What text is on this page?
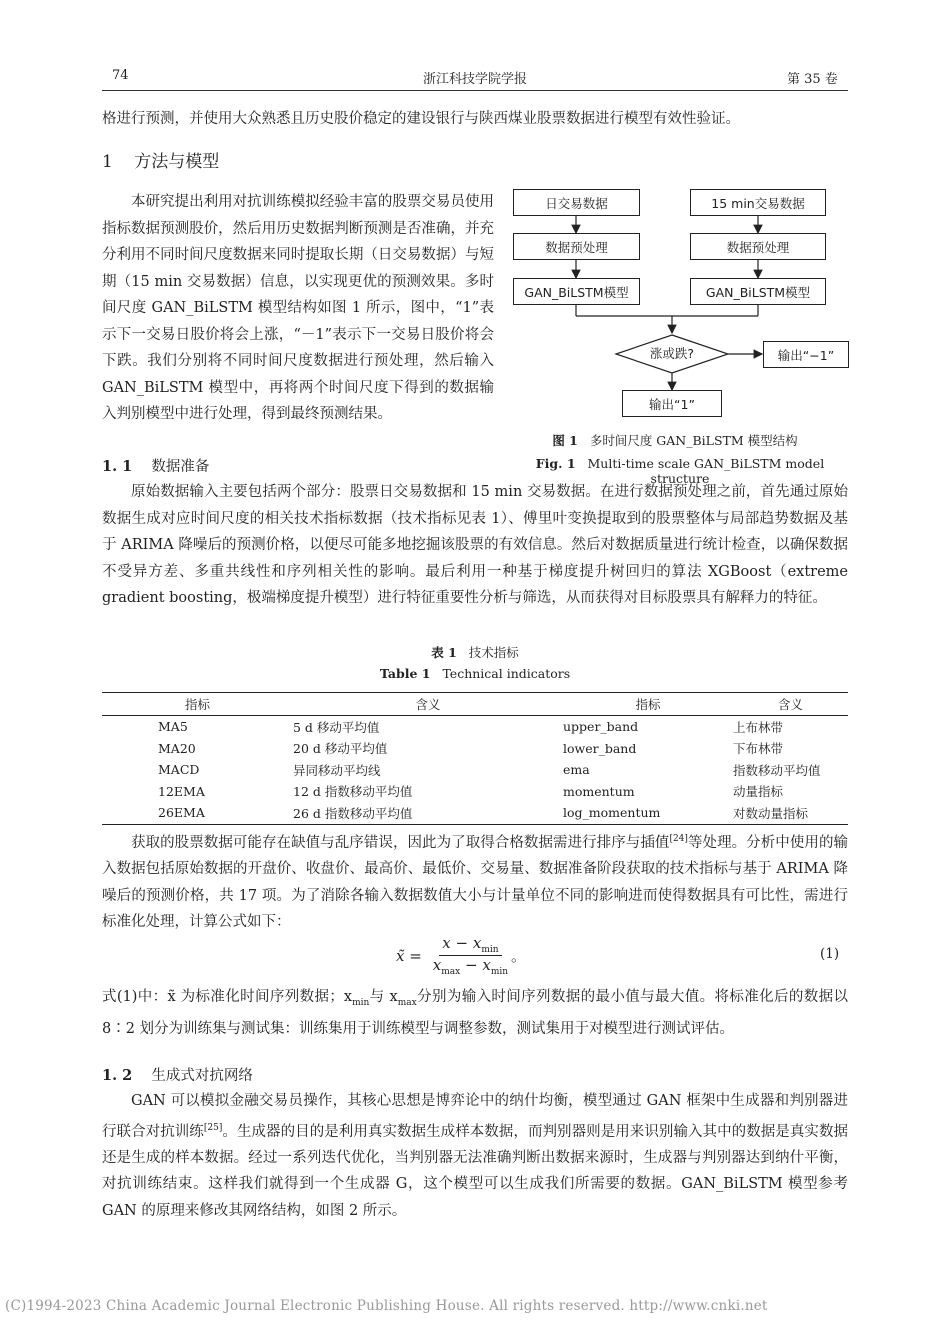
74	浙江科技学院学报	第 35 卷

格进行预测，并使用大众熟悉且历史股价稳定的建设银行与陕西煤业股票数据进行模型有效性验证。

1 方法与模型

本研究提出利用对抗训练模拟经验丰富的股票交易员使用指标数据预测股价，然后用历史数据判断预测是否准确，并充分利用不同时间尺度数据来同时提取长期（日交易数据）与短期（15 min 交易数据）信息，以实现更优的预测效果。多时间尺度 GAN_BiLSTM 模型结构如图 1 所示，图中，“1”表示下一交易日股价将会上涨，“－1”表示下一交易日股价将会下跌。我们分别将不同时间尺度数据进行预处理，然后输入 GAN_BiLSTM 模型中，再将两个时间尺度下得到的数据输入判别模型中进行处理，得到最终预测结果。

日交易数据	15 min交易数据
数据预处理	数据预处理
GAN_BiLSTM模型	GAN_BiLSTM模型
涨或跌?	输出“−1”
输出“1”
图 1 多时间尺度 GAN_BiLSTM 模型结构
Fig. 1 Multi-time scale GAN_BiLSTM model structure
1. 1 数据准备

原始数据输入主要包括两个部分：股票日交易数据和 15 min 交易数据。在进行数据预处理之前，首先通过原始数据生成对应时间尺度的相关技术指标数据（技术指标见表 1）、傅里叶变换提取到的股票整体与局部趋势数据及基于 ARIMA 降噪后的预测价格，以便尽可能多地挖掘该股票的有效信息。然后对数据质量进行统计检查，以确保数据不受异方差、多重共线性和序列相关性的影响。最后利用一种基于梯度提升树回归的算法 XGBoost（extreme gradient boosting，极端梯度提升模型）进行特征重要性分析与筛选，从而获得对目标股票具有解释力的特征。

表 1 技术指标
Table 1 Technical indicators
指标	含义	指标	含义
MA5	5 d 移动平均值	upper_band	上布林带
MA20	20 d 移动平均值	lower_band	下布林带
MACD	异同移动平均线	ema	指数移动平均值
12EMA	12 d 指数移动平均值	momentum	动量指标
26EMA	26 d 指数移动平均值	log_momentum	对数动量指标

获取的股票数据可能存在缺值与乱序错误，因此为了取得合格数据需进行排序与插值[24]等处理。分析中使用的输入数据包括原始数据的开盘价、收盘价、最高价、最低价、交易量、数据准备阶段获取的技术指标与基于 ARIMA 降噪后的预测价格，共 17 项。为了消除各输入数据数值大小与计量单位不同的影响进而使得数据具有可比性，需进行标准化处理，计算公式如下：

x̃ =
$x - x_{min}$
$x_{max} - x_{min}$
。	(1)

式(1)中：x̃ 为标准化时间序列数据；$x_{min}$与 $x_{max}$分别为输入时间序列数据的最小值与最大值。将标准化后的数据以 8∶2 划分为训练集与测试集：训练集用于训练模型与调整参数，测试集用于对模型进行测试评估。

1. 2 生成式对抗网络

GAN 可以模拟金融交易员操作，其核心思想是博弈论中的纳什均衡，模型通过 GAN 框架中生成器和判别器进行联合对抗训练[25]。生成器的目的是利用真实数据生成样本数据，而判别器则是用来识别输入其中的数据是真实数据还是生成的样本数据。经过一系列迭代优化，当判别器无法准确判断出数据来源时，生成器与判别器达到纳什平衡，对抗训练结束。这样我们就得到一个生成器 G，这个模型可以生成我们所需要的数据。GAN_BiLSTM 模型参考 GAN 的原理来修改其网络结构，如图 2 所示。

(C)1994-2023 China Academic Journal Electronic Publishing House. All rights reserved. http://www.cnki.net
